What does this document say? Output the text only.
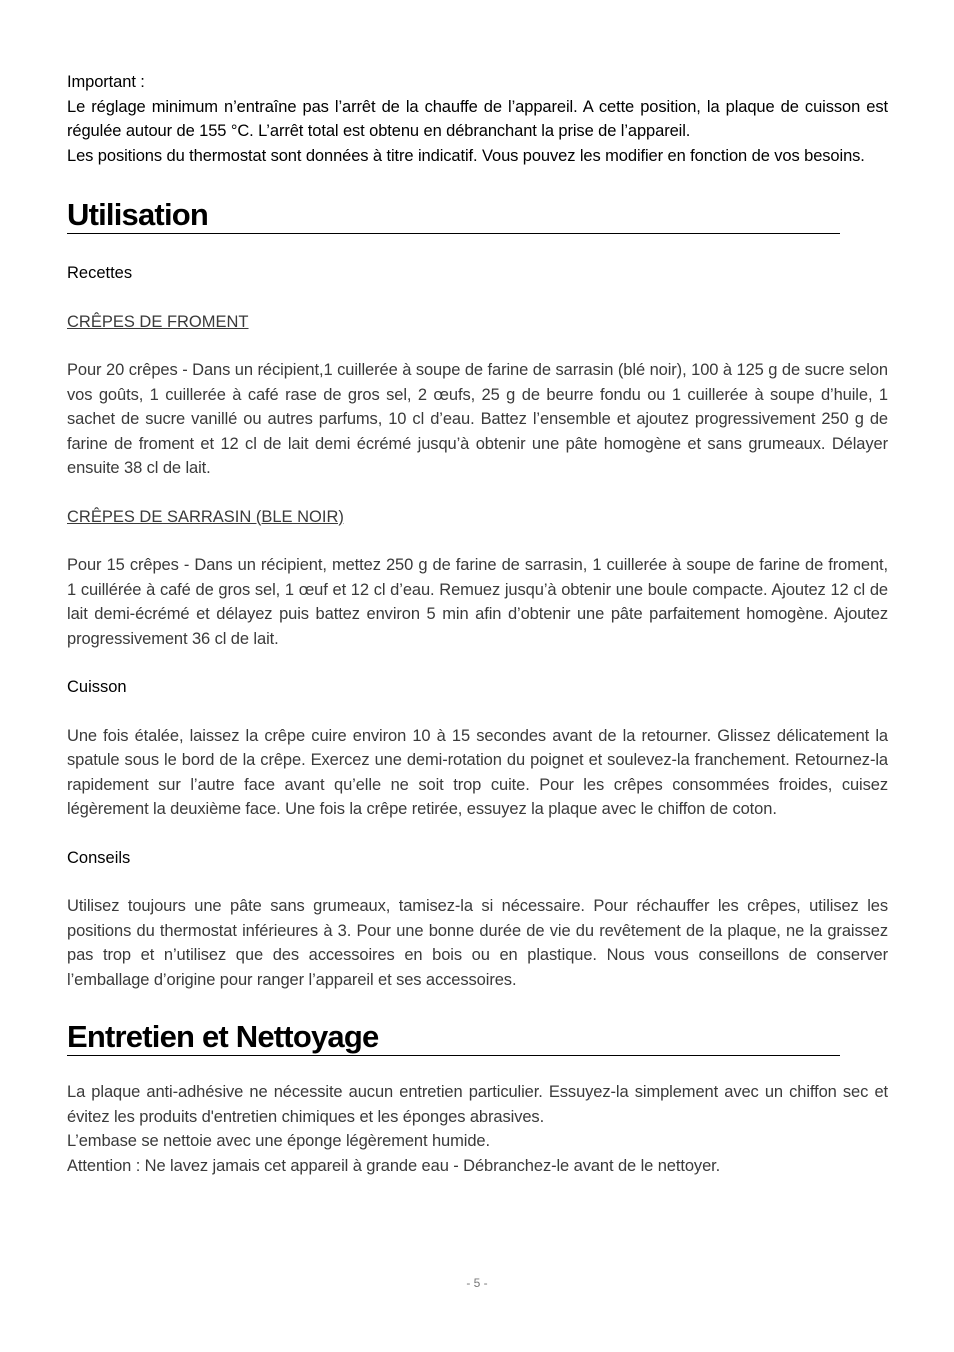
Important :

Le réglage minimum n’entraîne pas l’arrêt de la chauffe de l’appareil. A cette position, la plaque de cuisson est régulée autour de 155 °C. L’arrêt total est obtenu en débranchant la prise de l’appareil.

Les positions du thermostat sont données à titre indicatif. Vous pouvez les modifier en fonction de vos besoins.

Utilisation

Recettes

CRÊPES DE FROMENT

Pour 20 crêpes - Dans un récipient,1 cuillerée à soupe de farine de sarrasin (blé noir), 100 à 125 g de sucre selon vos goûts, 1 cuillerée à café rase de gros sel, 2 œufs, 25 g de beurre fondu ou 1 cuillerée à soupe d’huile, 1 sachet de sucre vanillé ou autres parfums, 10 cl d’eau. Battez l’ensemble et ajoutez progressivement 250 g de farine de froment et 12 cl de lait demi écrémé jusqu’à obtenir une pâte homogène et sans grumeaux. Délayer ensuite 38 cl de lait.

CRÊPES DE SARRASIN (BLE NOIR)

Pour 15 crêpes - Dans un récipient, mettez 250 g de farine de sarrasin, 1 cuillerée à soupe de farine de froment, 1 cuillérée à café de gros sel, 1 œuf et 12 cl d’eau. Remuez jusqu’à obtenir une boule compacte. Ajoutez 12 cl de lait demi-écrémé et délayez puis battez environ 5 min afin d’obtenir une pâte parfaitement homogène. Ajoutez progressivement 36 cl de lait.

Cuisson

Une fois étalée, laissez la crêpe cuire environ 10 à 15 secondes avant de la retourner. Glissez délicatement la spatule sous le bord de la crêpe. Exercez une demi-rotation du poignet et soulevez-la franchement. Retournez-la rapidement sur l’autre face avant qu’elle ne soit trop cuite. Pour les crêpes consommées froides, cuisez légèrement la deuxième face. Une fois la crêpe retirée, essuyez la plaque avec le chiffon de coton.

Conseils

Utilisez toujours une pâte sans grumeaux, tamisez-la si nécessaire. Pour réchauffer les crêpes, utilisez les positions du thermostat inférieures à 3. Pour une bonne durée de vie du revêtement de la plaque, ne la graissez pas trop et n’utilisez que des accessoires en bois ou en plastique. Nous vous conseillons de conserver l’emballage d’origine pour ranger l’appareil et ses accessoires.

Entretien et Nettoyage

La plaque anti-adhésive ne nécessite aucun entretien particulier. Essuyez-la simplement avec un chiffon sec et évitez les produits d'entretien chimiques et les éponges abrasives.

L’embase se nettoie avec une éponge légèrement humide.

Attention : Ne lavez jamais cet appareil à grande eau - Débranchez-le avant de le nettoyer.

- 5 -
